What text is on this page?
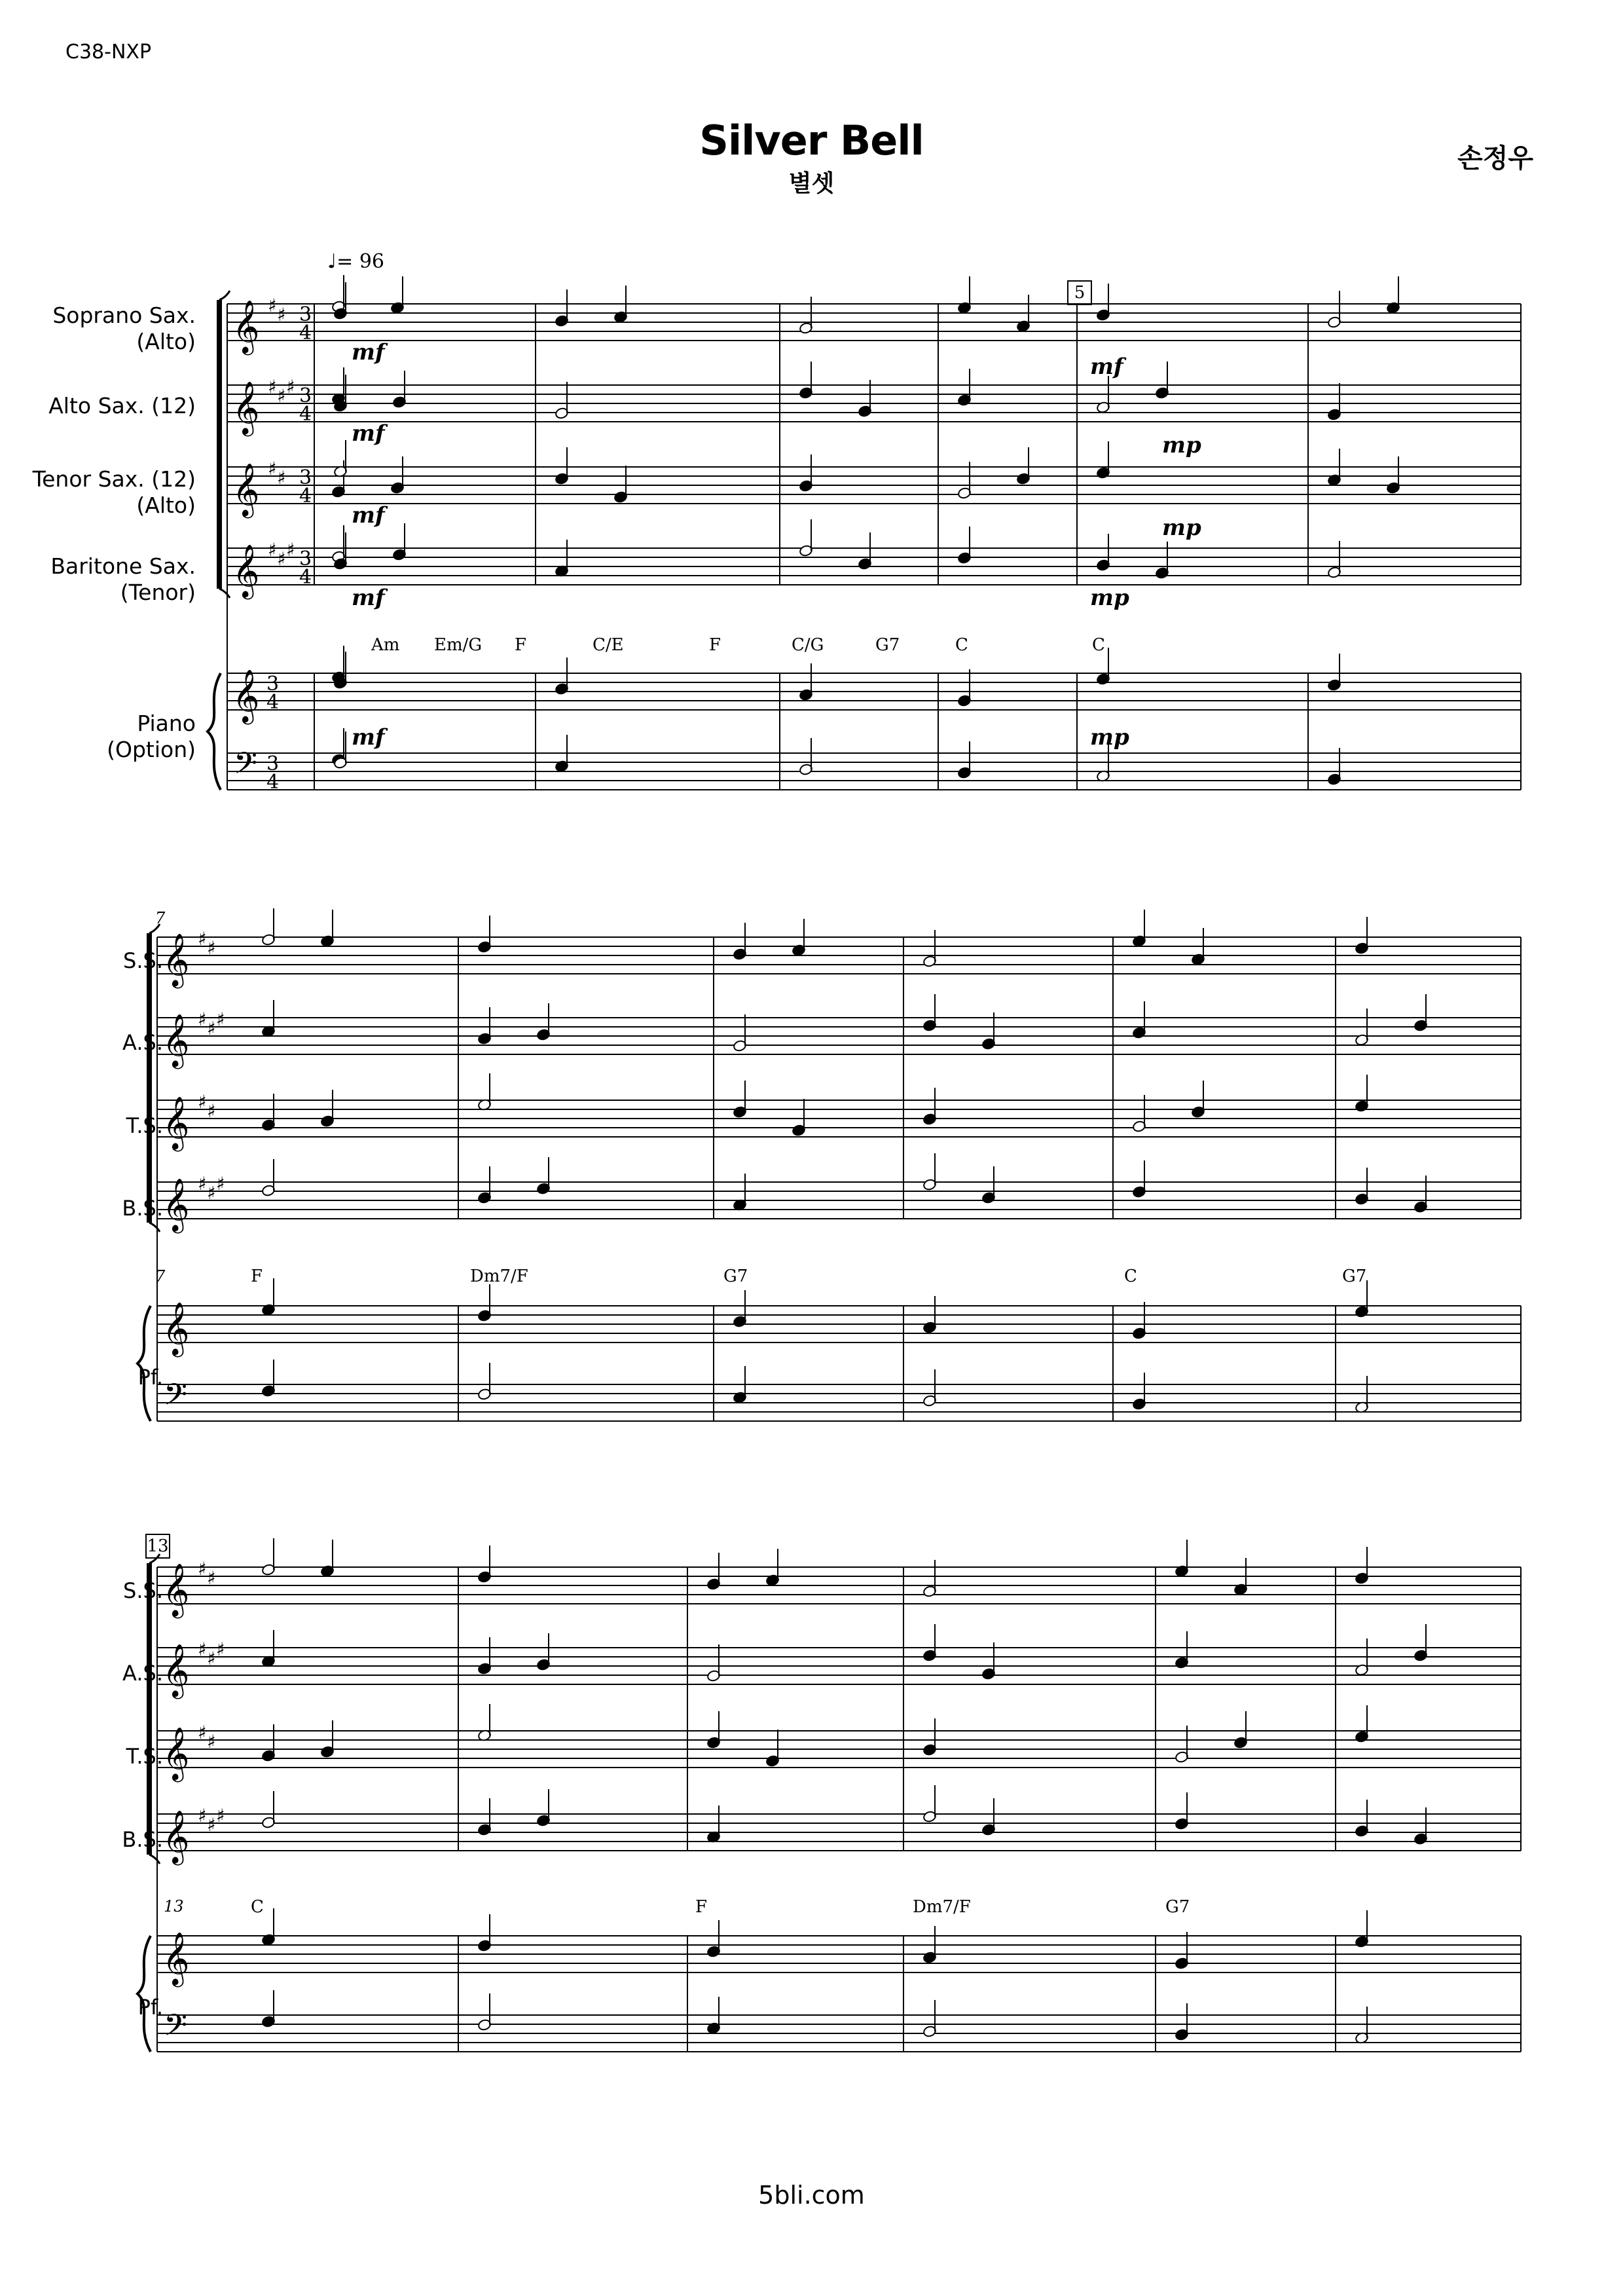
C38-NXP
Silver Bell
별셋
손정우
♩= 96
Soprano Sax.
(Alto)
Alto Sax. (12)
Tenor Sax. (12)
(Alto)
Baritone Sax.
(Tenor)
Piano
(Option)
S.S.
A.S.
T.S.
B.S.
Pf.
S.S.
A.S.
T.S.
B.S.
Pf.
Am Em/G F	C/E	F	C/G	G7	C	C
F	Dm7/F	G7	C	G7
C	F	Dm7/F	G7
mf
mf
mf
mf
mf
mf
mp
mp
mp
mp
5
13
7
7
13
5bli.com
𝄞
𝄞
𝄞
𝄞
𝄞
𝄢
♯ ♯
♯ ♯ ♯
♯ ♯
♯ ♯ ♯
3
4
3
4
3
4
3
4
3
4
3
4
𝄞
𝄞
𝄞
𝄞
𝄞
𝄢
♯ ♯
♯ ♯ ♯
♯ ♯
♯ ♯ ♯
𝄞
𝄞
𝄞
𝄞
𝄞
𝄢
♯ ♯
♯ ♯ ♯
♯ ♯
♯ ♯ ♯
